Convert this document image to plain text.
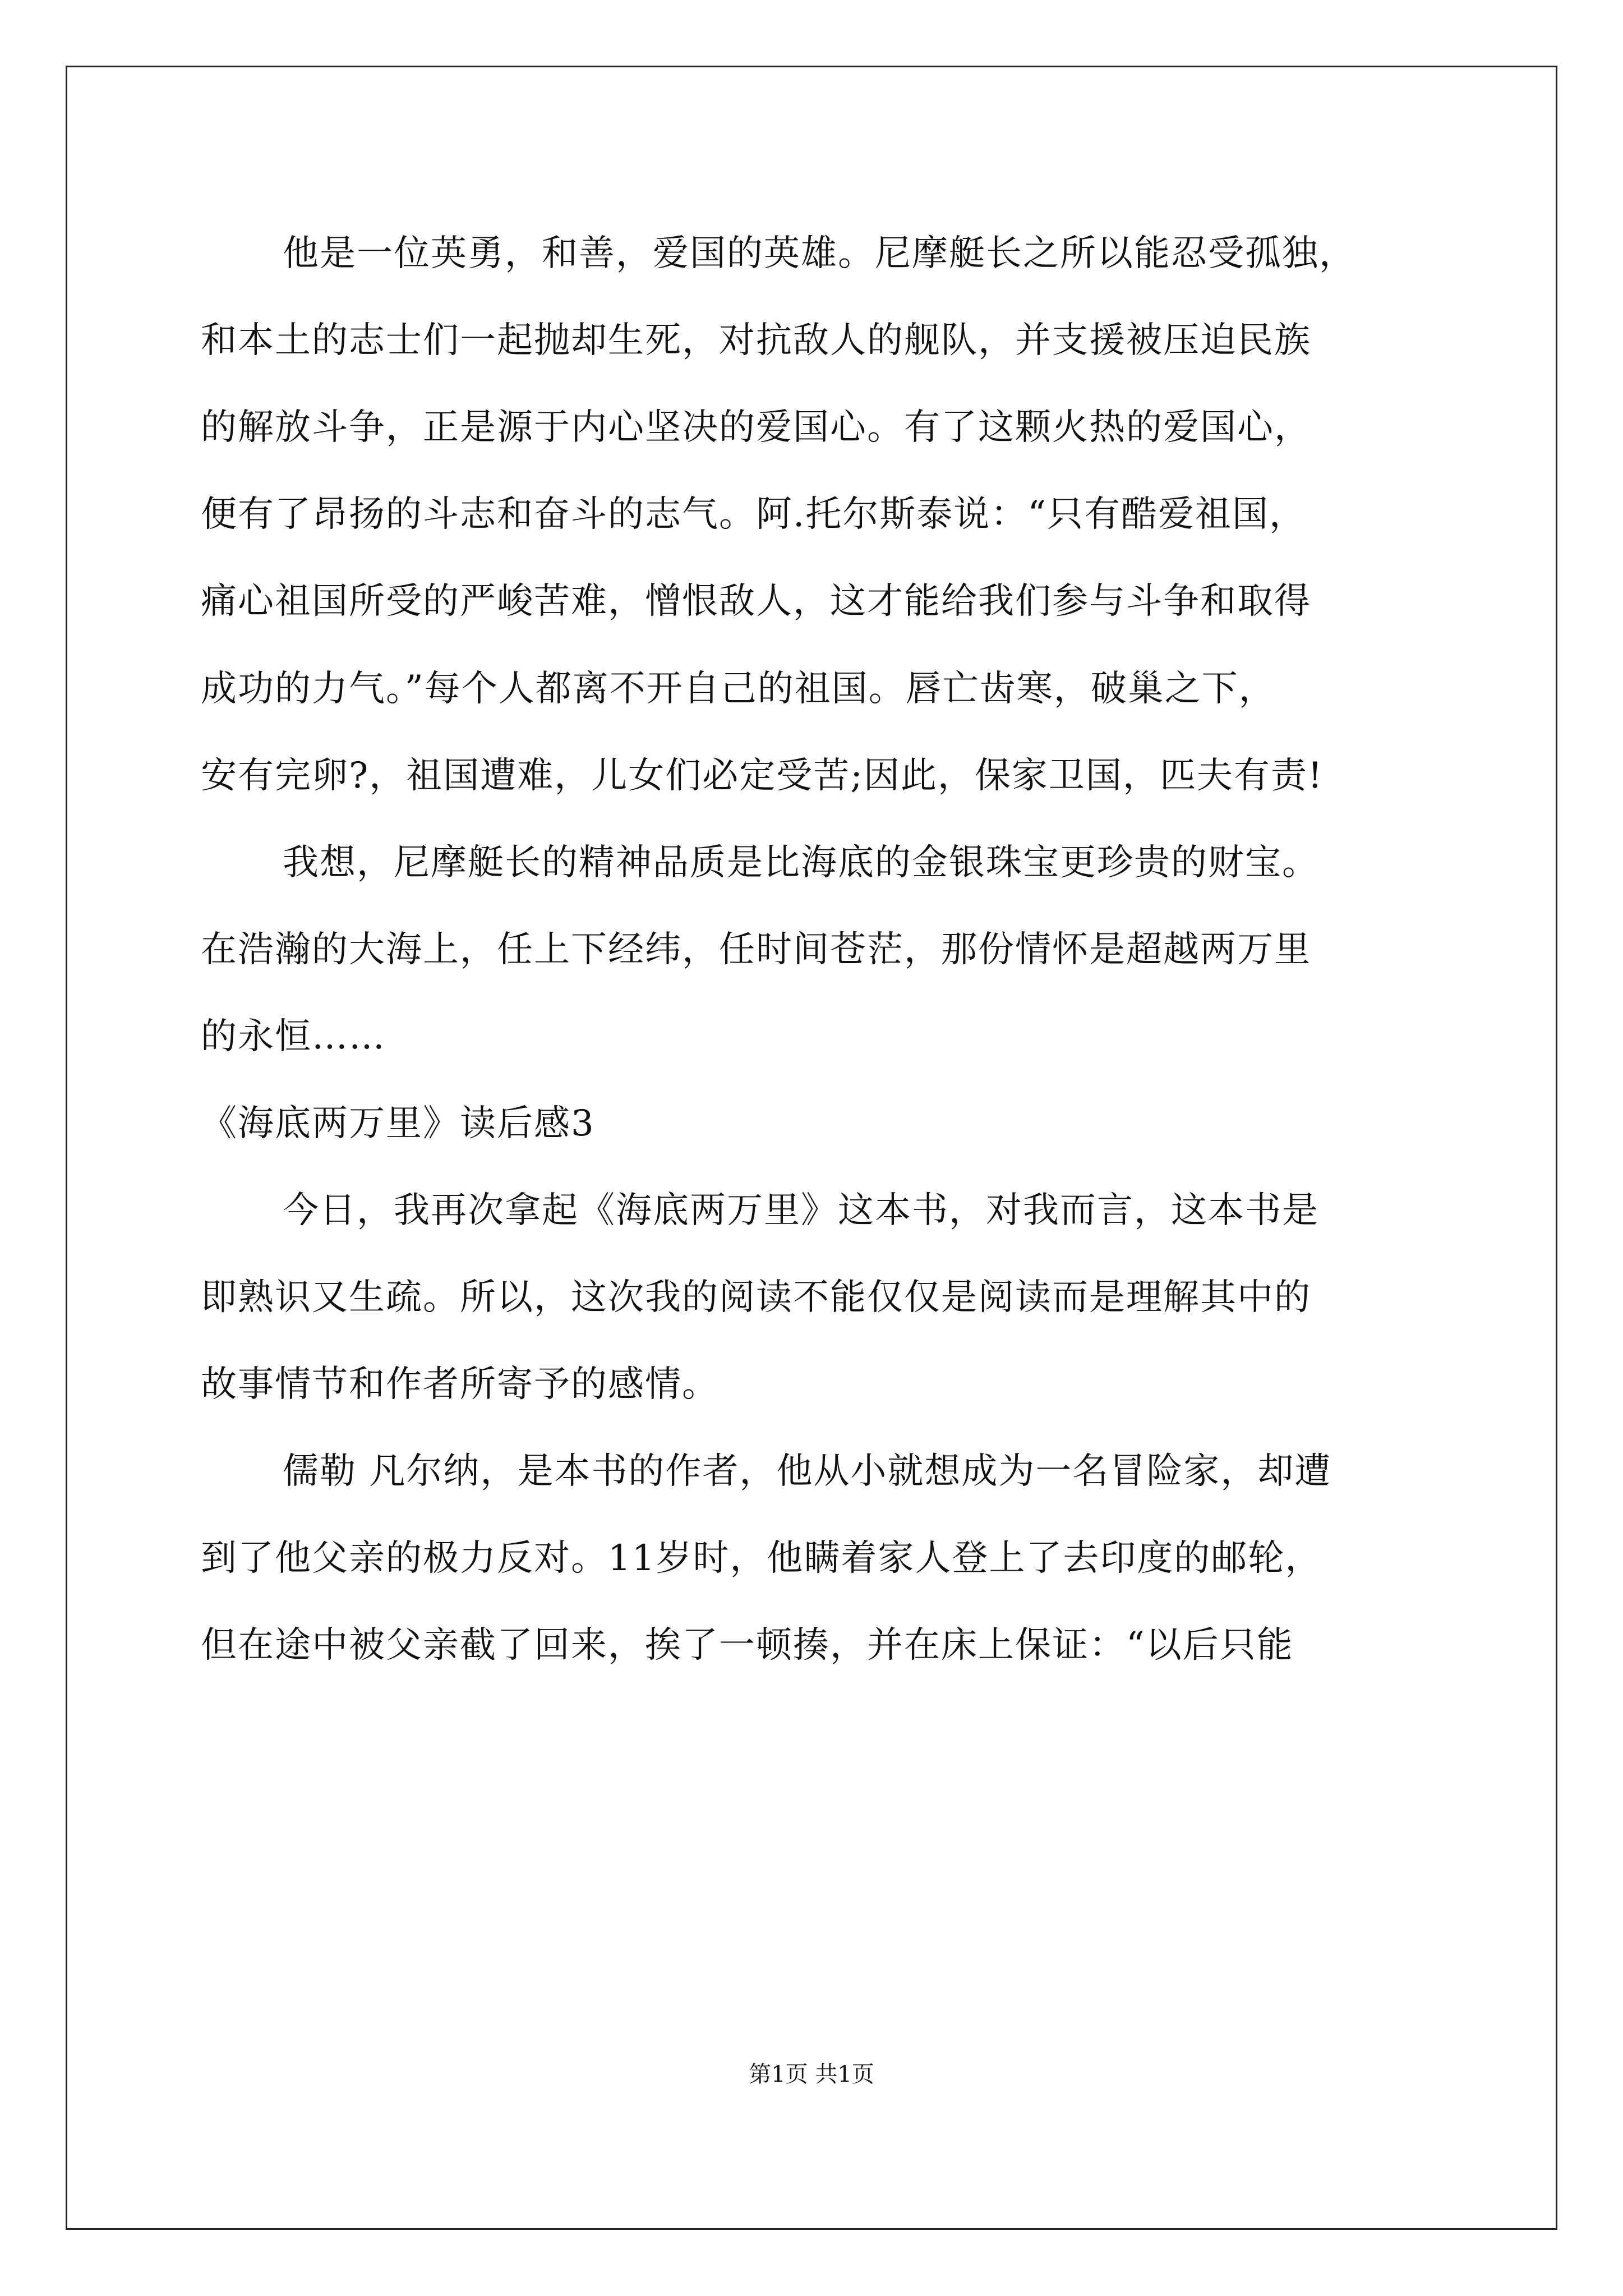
他是一位英勇，和善，爱国的英雄。尼摩艇长之所以能忍受孤独，
和本土的志士们一起抛却生死，对抗敌人的舰队，并支援被压迫民族
的解放斗争，正是源于内心坚决的爱国心。有了这颗火热的爱国心，
便有了昂扬的斗志和奋斗的志气。阿.托尔斯泰说：“只有酷爱祖国，
痛心祖国所受的严峻苦难，憎恨敌人，这才能给我们参与斗争和取得
成功的力气。”每个人都离不开自己的祖国。唇亡齿寒，破巢之下，
安有完卵?，祖国遭难，儿女们必定受苦;因此，保家卫国，匹夫有责!
我想，尼摩艇长的精神品质是比海底的金银珠宝更珍贵的财宝。
在浩瀚的大海上，任上下经纬，任时间苍茫，那份情怀是超越两万里
的永恒……
《海底两万里》读后感3
今日，我再次拿起《海底两万里》这本书，对我而言，这本书是
即熟识又生疏。所以，这次我的阅读不能仅仅是阅读而是理解其中的
故事情节和作者所寄予的感情。
儒勒 凡尔纳，是本书的作者，他从小就想成为一名冒险家，却遭
到了他父亲的极力反对。11岁时，他瞒着家人登上了去印度的邮轮，
但在途中被父亲截了回来，挨了一顿揍，并在床上保证：“以后只能
第1页 共1页
